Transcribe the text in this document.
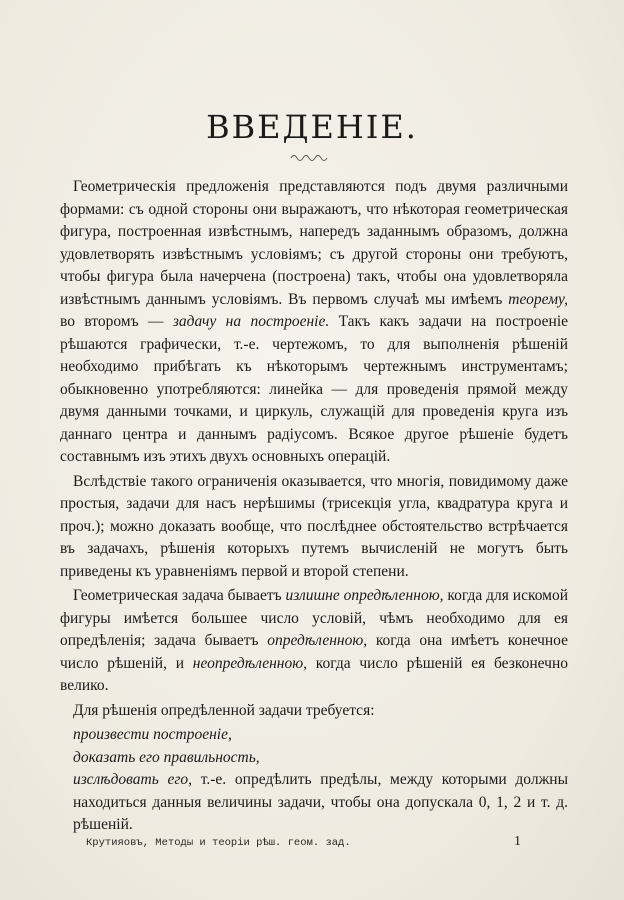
ВВЕДЕНІЕ.

Геометрическія предложенія представляются подъ двумя различными формами: съ одной стороны они выражаютъ, что нѣкоторая геометрическая фигура, построенная извѣстнымъ, напередъ заданнымъ образомъ, должна удовлетворять извѣстнымъ условіямъ; съ другой стороны они требуютъ, чтобы фигура была начерчена (построена) такъ, чтобы она удовлетворяла извѣстнымъ даннымъ условіямъ. Въ первомъ случаѣ мы имѣемъ теорему, во второмъ — задачу на построеніе. Такъ какъ задачи на построеніе рѣшаются графически, т.-е. чертежомъ, то для выполненія рѣшеній необходимо прибѣгать къ нѣкоторымъ чертежнымъ инструментамъ; обыкновенно употребляются: линейка — для проведенія прямой между двумя данными точками, и циркуль, служащій для проведенія круга изъ даннаго центра и даннымъ радіусомъ. Всякое другое рѣшеніе будетъ составнымъ изъ этихъ двухъ основныхъ операцій.

Вслѣдствіе такого ограниченія оказывается, что многія, повидимому даже простыя, задачи для насъ нерѣшимы (трисекція угла, квадратура круга и проч.); можно доказать вообще, что послѣднее обстоятельство встрѣчается въ задачахъ, рѣшенія которыхъ путемъ вычисленій не могутъ быть приведены къ уравненіямъ первой и второй степени.

Геометрическая задача бываетъ излишне опредѣленною, когда для искомой фигуры имѣется большее число условій, чѣмъ необходимо для ея опредѣленія; задача бываетъ опредѣленною, когда она имѣетъ конечное число рѣшеній, и неопредѣленною, когда число рѣшеній ея безконечно велико.

Для рѣшенія опредѣленной задачи требуется:

произвести построеніе,

доказать его правильность,

изслѣдовать его, т.-е. опредѣлить предѣлы, между которыми должны находиться данныя величины задачи, чтобы она допускала 0, 1, 2 и т. д. рѣшеній.

Крутияовъ, Методы и теоріи рѣш. геом. зад.	1
